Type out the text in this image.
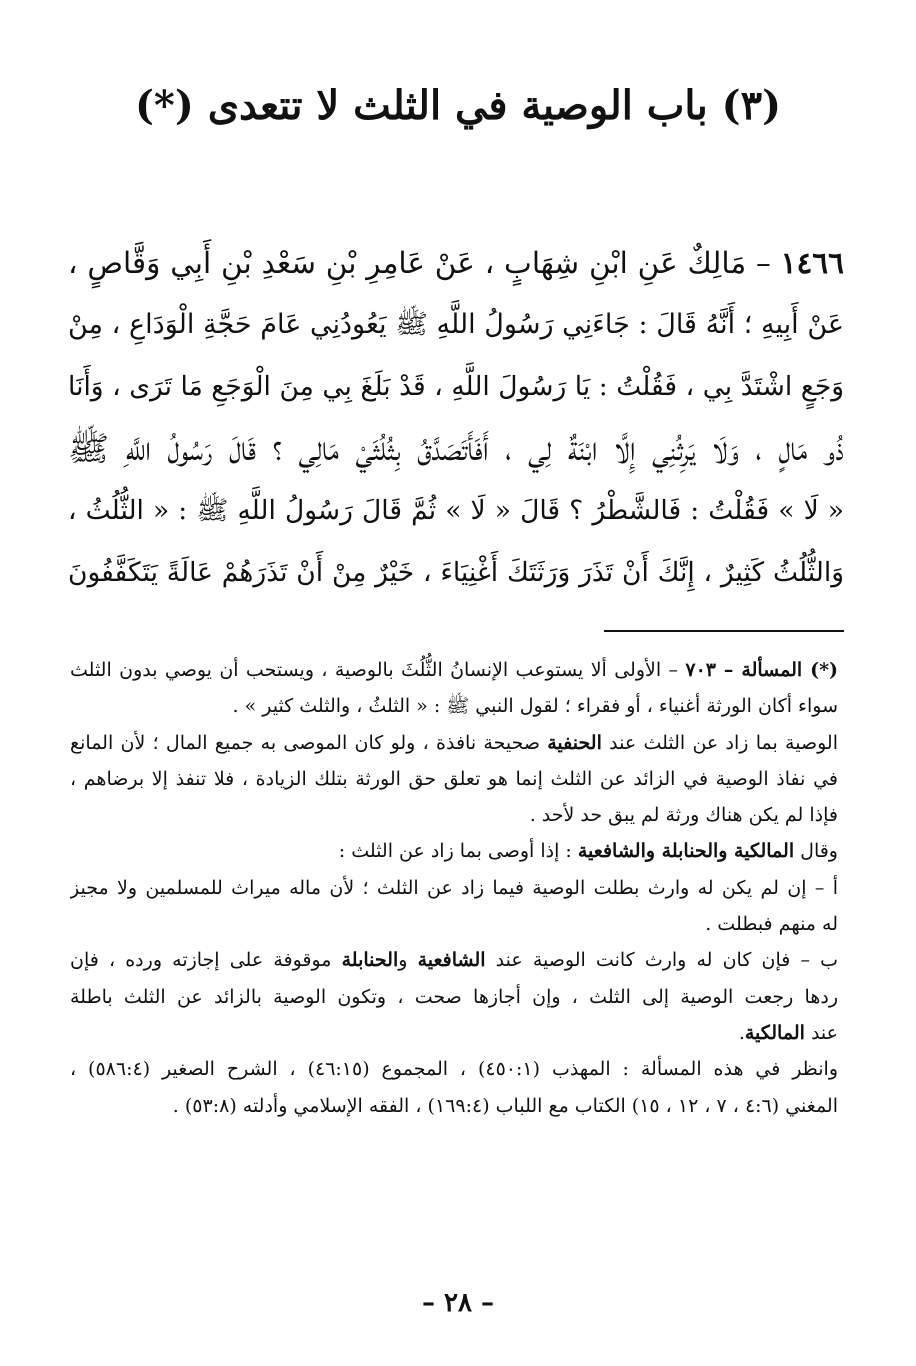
(٣) باب الوصية في الثلث لا تتعدى (*)
١٤٦٦ – مَالِكٌ عَنِ ابْنِ شِهَابٍ ، عَنْ عَامِرِ بْنِ سَعْدِ بْنِ أَبِي وَقَّاصٍ ،
عَنْ أَبِيهِ ؛ أَنَّهُ قَالَ : جَاءَنِي رَسُولُ اللَّهِ ﷺ يَعُودُنِي عَامَ حَجَّةِ الْوَدَاعِ ، مِنْ
وَجَعٍ اشْتَدَّ بِي ، فَقُلْتُ : يَا رَسُولَ اللَّهِ ، قَدْ بَلَغَ بِي مِنَ الْوَجَعِ مَا تَرَى ، وَأَنَا
ذُو مَالٍ ، وَلَا يَرِثُنِي إِلَّا ابْنَةٌ لِي ، أَفَأَتَصَدَّقُ بِثُلُثَيْ مَالِي ؟ قَالَ رَسُولُ اللَّهِ ﷺ
« لَا » فَقُلْتُ : فَالشَّطْرُ ؟ قَالَ « لَا » ثُمَّ قَالَ رَسُولُ اللَّهِ ﷺ : « الثُّلُثُ ،
وَالثُّلُثُ كَثِيرٌ ، إِنَّكَ أَنْ تَذَرَ وَرَثَتَكَ أَغْنِيَاءَ ، خَيْرٌ مِنْ أَنْ تَذَرَهُمْ عَالَةً يَتَكَفَّفُونَ
(*) المسألة – ٧٠٣ – الأولى ألا يستوعب الإنسانُ الثُّلُثَ بالوصية ، ويستحب أن يوصي بدون الثلث
سواء أكان الورثة أغنياء ، أو فقراء ؛ لقول النبي ﷺ : « الثلثُ ، والثلث كثير » .
الوصية بما زاد عن الثلث عند الحنفية صحيحة نافذة ، ولو كان الموصى به جميع المال ؛ لأن المانع
في نفاذ الوصية في الزائد عن الثلث إنما هو تعلق حق الورثة بتلك الزيادة ، فلا تنفذ إلا برضاهم ،
فإذا لم يكن هناك ورثة لم يبق حد لأحد .
وقال المالكية والحنابلة والشافعية : إذا أوصى بما زاد عن الثلث :
أ – إن لم يكن له وارث بطلت الوصية فيما زاد عن الثلث ؛ لأن ماله ميراث للمسلمين ولا مجيز
له منهم فبطلت .
ب – فإن كان له وارث كانت الوصية عند الشافعية والحنابلة موقوفة على إجازته ورده ، فإن
ردها رجعت الوصية إلى الثلث ، وإن أجازها صحت ، وتكون الوصية بالزائد عن الثلث باطلة
عند المالكية.
وانظر في هذه المسألة : المهذب (٤٥٠:١) ، المجموع (٤٦:١٥) ، الشرح الصغير (٥٨٦:٤) ،
المغني (٤:٦ ، ٧ ، ١٢ ، ١٥) الكتاب مع اللباب (١٦٩:٤) ، الفقه الإسلامي وأدلته (٥٣:٨) .
– ٢٨ –
